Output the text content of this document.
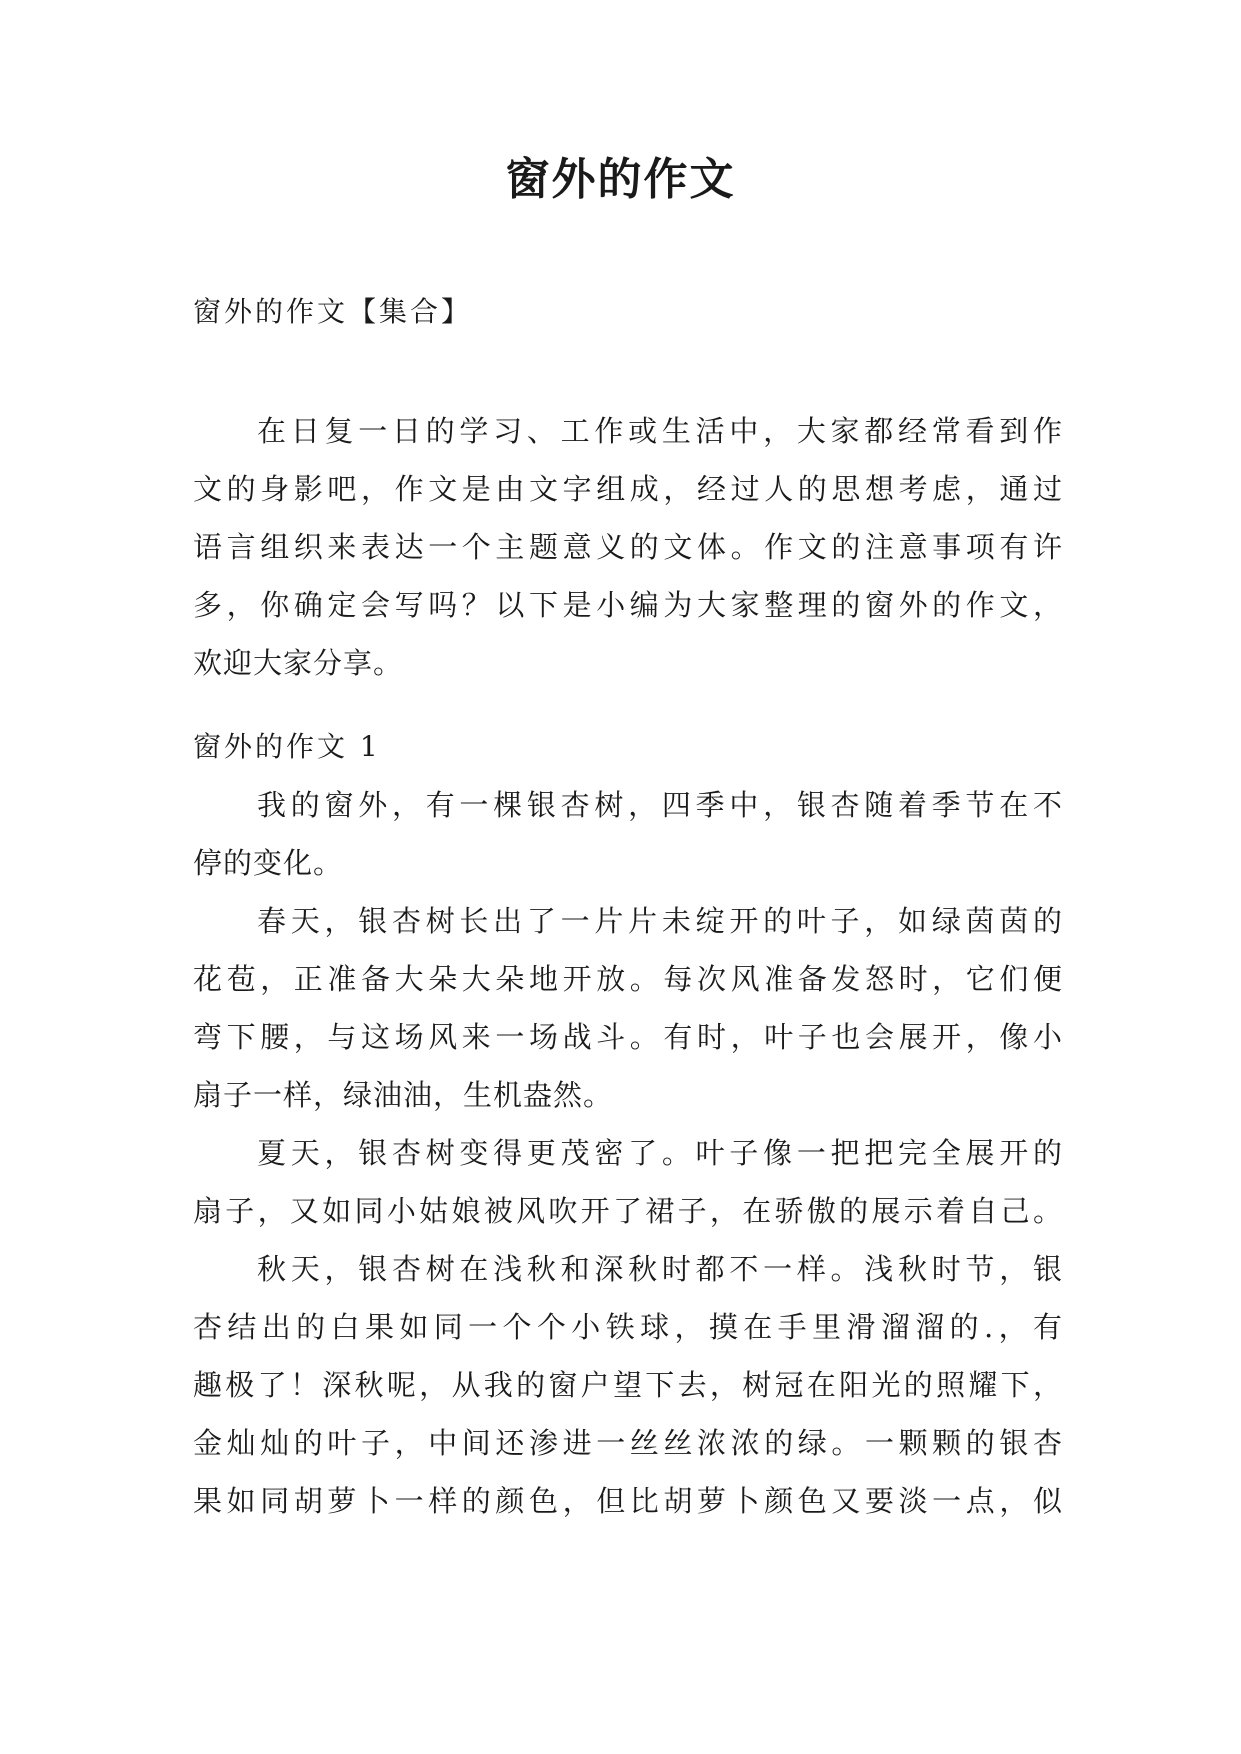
窗外的作文
窗外的作文【集合】
在日复一日的学习、工作或生活中，大家都经常看到作
文的身影吧，作文是由文字组成，经过人的思想考虑，通过
语言组织来表达一个主题意义的文体。作文的注意事项有许
多，你确定会写吗？以下是小编为大家整理的窗外的作文，
欢迎大家分享。
窗外的作文 1
我的窗外，有一棵银杏树，四季中，银杏随着季节在不
停的变化。
春天，银杏树长出了一片片未绽开的叶子，如绿茵茵的
花苞，正准备大朵大朵地开放。每次风准备发怒时，它们便
弯下腰，与这场风来一场战斗。有时，叶子也会展开，像小
扇子一样，绿油油，生机盎然。
夏天，银杏树变得更茂密了。叶子像一把把完全展开的
扇子，又如同小姑娘被风吹开了裙子，在骄傲的展示着自己。
秋天，银杏树在浅秋和深秋时都不一样。浅秋时节，银
杏结出的白果如同一个个小铁球，摸在手里滑溜溜的.，有
趣极了！深秋呢，从我的窗户望下去，树冠在阳光的照耀下，
金灿灿的叶子，中间还渗进一丝丝浓浓的绿。一颗颗的银杏
果如同胡萝卜一样的颜色，但比胡萝卜颜色又要淡一点，似
